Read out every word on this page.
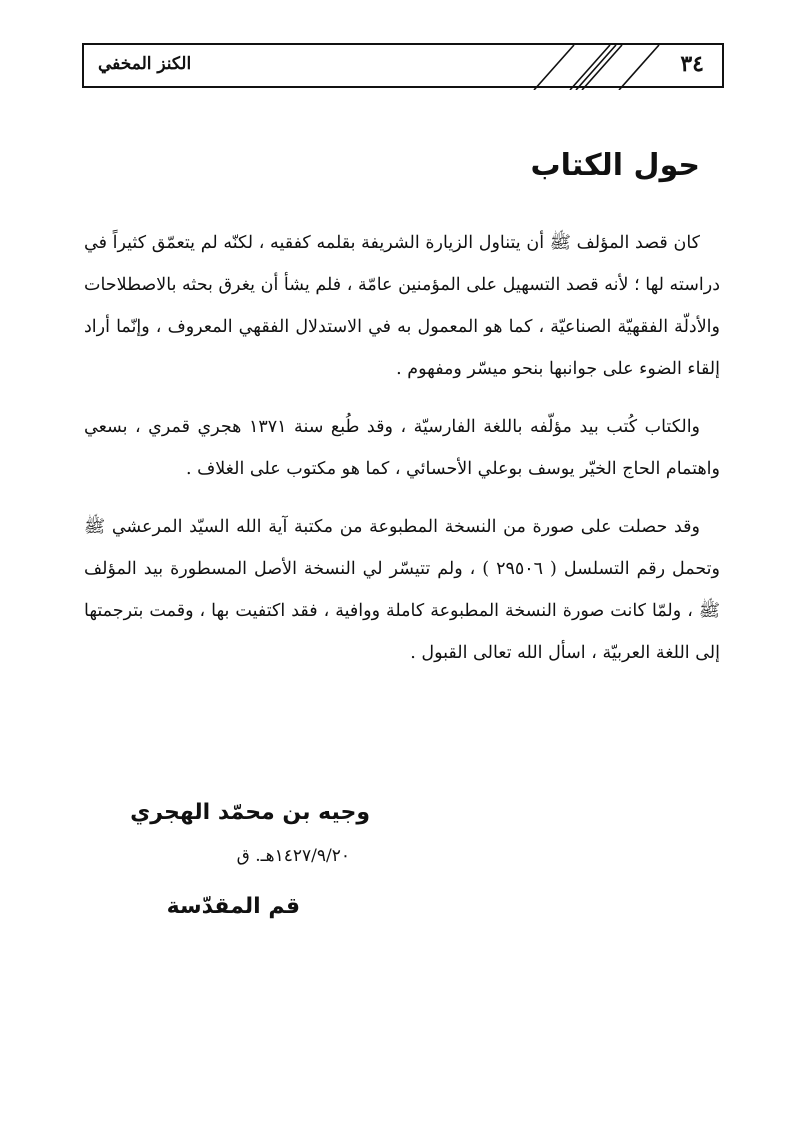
الكنز المخفي	٣٤
حول الكتاب

كان قصد المؤلف ﷺ أن يتناول الزيارة الشريفة بقلمه كفقيه ، لكنّه لم يتعمّق كثيراً في دراسته لها ؛ لأنه قصد التسهيل على المؤمنين عامّة ، فلم يشأ أن يغرق بحثه بالاصطلاحات والأدلّة الفقهيّة الصناعيّة ، كما هو المعمول به في الاستدلال الفقهي المعروف ، وإنّما أراد إلقاء الضوء على جوانبها بنحو ميسّر ومفهوم .

والكتاب كُتب بيد مؤلّفه باللغة الفارسيّة ، وقد طُبع سنة ١٣٧١ هجري قمري ، بسعي واهتمام الحاج الخيّر يوسف بوعلي الأحسائي ، كما هو مكتوب على الغلاف .

وقد حصلت على صورة من النسخة المطبوعة من مكتبة آية الله السيّد المرعشي ﷺ وتحمل رقم التسلسل ( ٢٩٥٠٦ ) ، ولم تتيسّر لي النسخة الأصل المسطورة بيد المؤلف ﷺ ، ولمّا كانت صورة النسخة المطبوعة كاملة ووافية ، فقد اكتفيت بها ، وقمت بترجمتها إلى اللغة العربيّة ، اسأل الله تعالى القبول .

وجيه بن محمّد الهجري
١٤٢٧/٩/٢٠هـ. ق
قم المقدّسة
